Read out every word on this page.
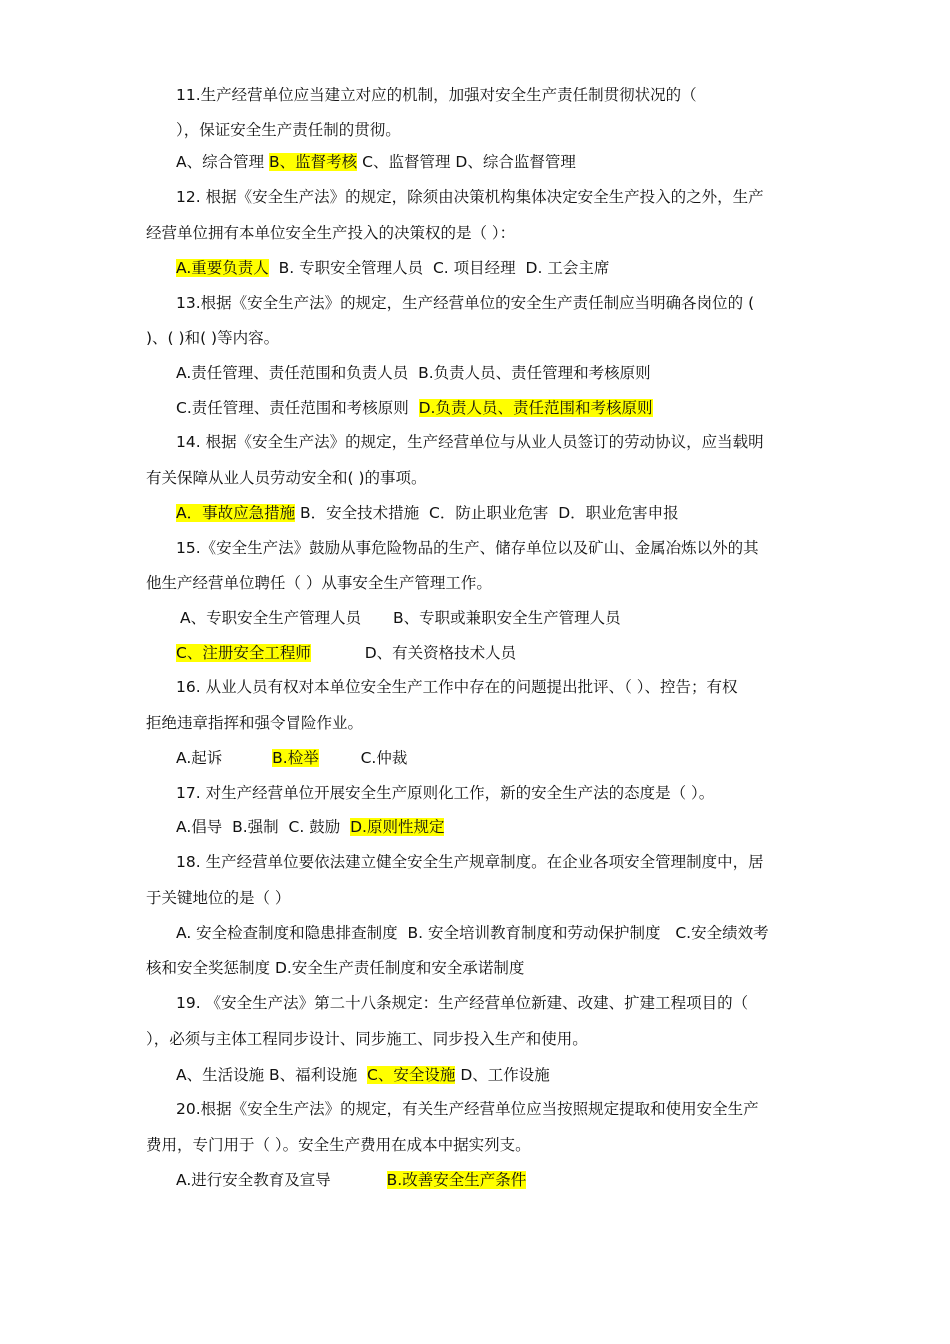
11.生产经营单位应当建立对应的机制，加强对安全生产责任制贯彻状况的（
），保证安全生产责任制的贯彻。
A、综合管理 B、监督考核 C、监督管理 D、综合监督管理
12. 根据《安全生产法》的规定，除须由决策机构集体决定安全生产投入的之外，生产
经营单位拥有本单位安全生产投入的决策权的是（ ）：
A.重要负责人 B. 专职安全管理人员 C. 项目经理 D. 工会主席
13.根据《安全生产法》的规定，生产经营单位的安全生产责任制应当明确各岗位的 (
)、( )和( )等内容。
A.责任管理、责任范围和负责人员 B.负责人员、责任管理和考核原则
C.责任管理、责任范围和考核原则 D.负责人员、责任范围和考核原则
14. 根据《安全生产法》的规定，生产经营单位与从业人员签订的劳动协议，应当载明
有关保障从业人员劳动安全和( )的事项。
A．事故应急措施 B．安全技术措施 C．防止职业危害 D．职业危害申报
15.《安全生产法》鼓励从事危险物品的生产、储存单位以及矿山、金属冶炼以外的其
他生产经营单位聘任（ ）从事安全生产管理工作。
A、专职安全生产管理人员 B、专职或兼职安全生产管理人员
C、注册安全工程师	D、有关资格技术人员
16. 从业人员有权对本单位安全生产工作中存在的问题提出批评、（ ）、控告；有权
拒绝违章指挥和强令冒险作业。
A.起诉	B.检举	C.仲裁
17. 对生产经营单位开展安全生产原则化工作，新的安全生产法的态度是（ ）。
A.倡导 B.强制 C. 鼓励 D.原则性规定
18. 生产经营单位要依法建立健全安全生产规章制度。在企业各项安全管理制度中，居
于关键地位的是（ ）
A. 安全检查制度和隐患排查制度 B. 安全培训教育制度和劳动保护制度 C.安全绩效考
核和安全奖惩制度 D.安全生产责任制度和安全承诺制度
19. 《安全生产法》第二十八条规定：生产经营单位新建、改建、扩建工程项目的（
），必须与主体工程同步设计、同步施工、同步投入生产和使用。
A、生活设施 B、福利设施 C、安全设施 D、工作设施
20.根据《安全生产法》的规定，有关生产经营单位应当按照规定提取和使用安全生产
费用，专门用于（ ）。安全生产费用在成本中据实列支。
A.进行安全教育及宣导	B.改善安全生产条件
